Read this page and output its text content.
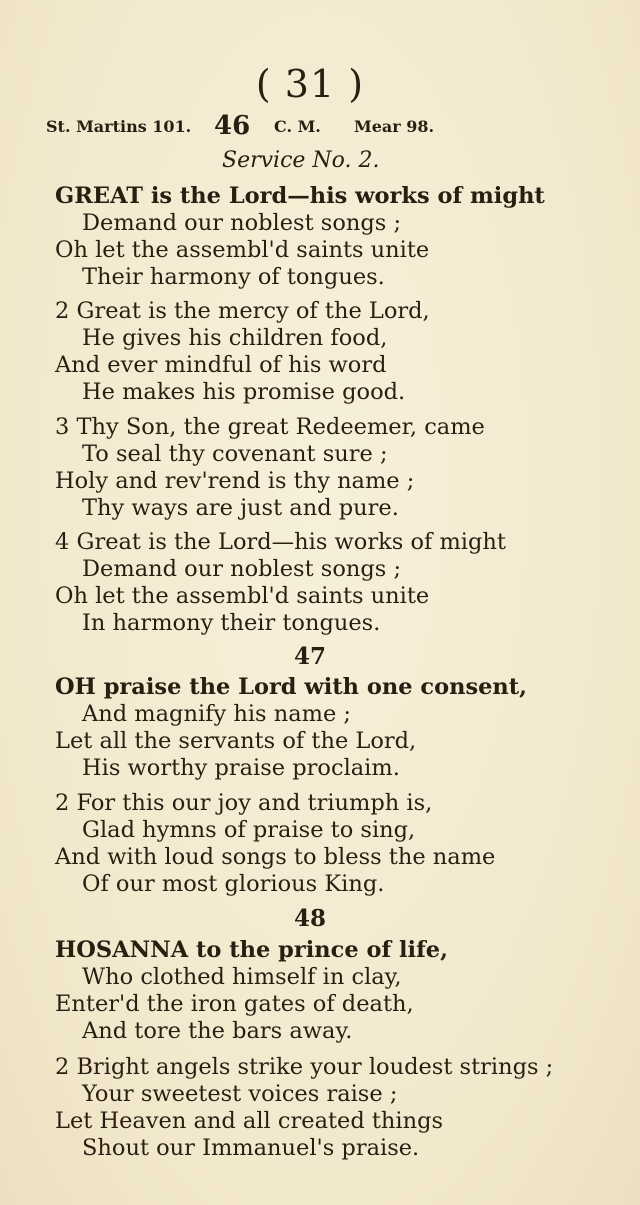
( 31 )
St. Martins 101. 46 C. M. Mear 98.
Service No. 2.
GREAT is the Lord—his works of might
Demand our noblest songs ;
Oh let the assembl'd saints unite
Their harmony of tongues.
2 Great is the mercy of the Lord,
He gives his children food,
And ever mindful of his word
He makes his promise good.
3 Thy Son, the great Redeemer, came
To seal thy covenant sure ;
Holy and rev'rend is thy name ;
Thy ways are just and pure.
4 Great is the Lord—his works of might
Demand our noblest songs ;
Oh let the assembl'd saints unite
In harmony their tongues.
47
OH praise the Lord with one consent,
And magnify his name ;
Let all the servants of the Lord,
His worthy praise proclaim.
2 For this our joy and triumph is,
Glad hymns of praise to sing,
And with loud songs to bless the name
Of our most glorious King.
48
HOSANNA to the prince of life,
Who clothed himself in clay,
Enter'd the iron gates of death,
And tore the bars away.
2 Bright angels strike your loudest strings ;
Your sweetest voices raise ;
Let Heaven and all created things
Shout our Immanuel's praise.
